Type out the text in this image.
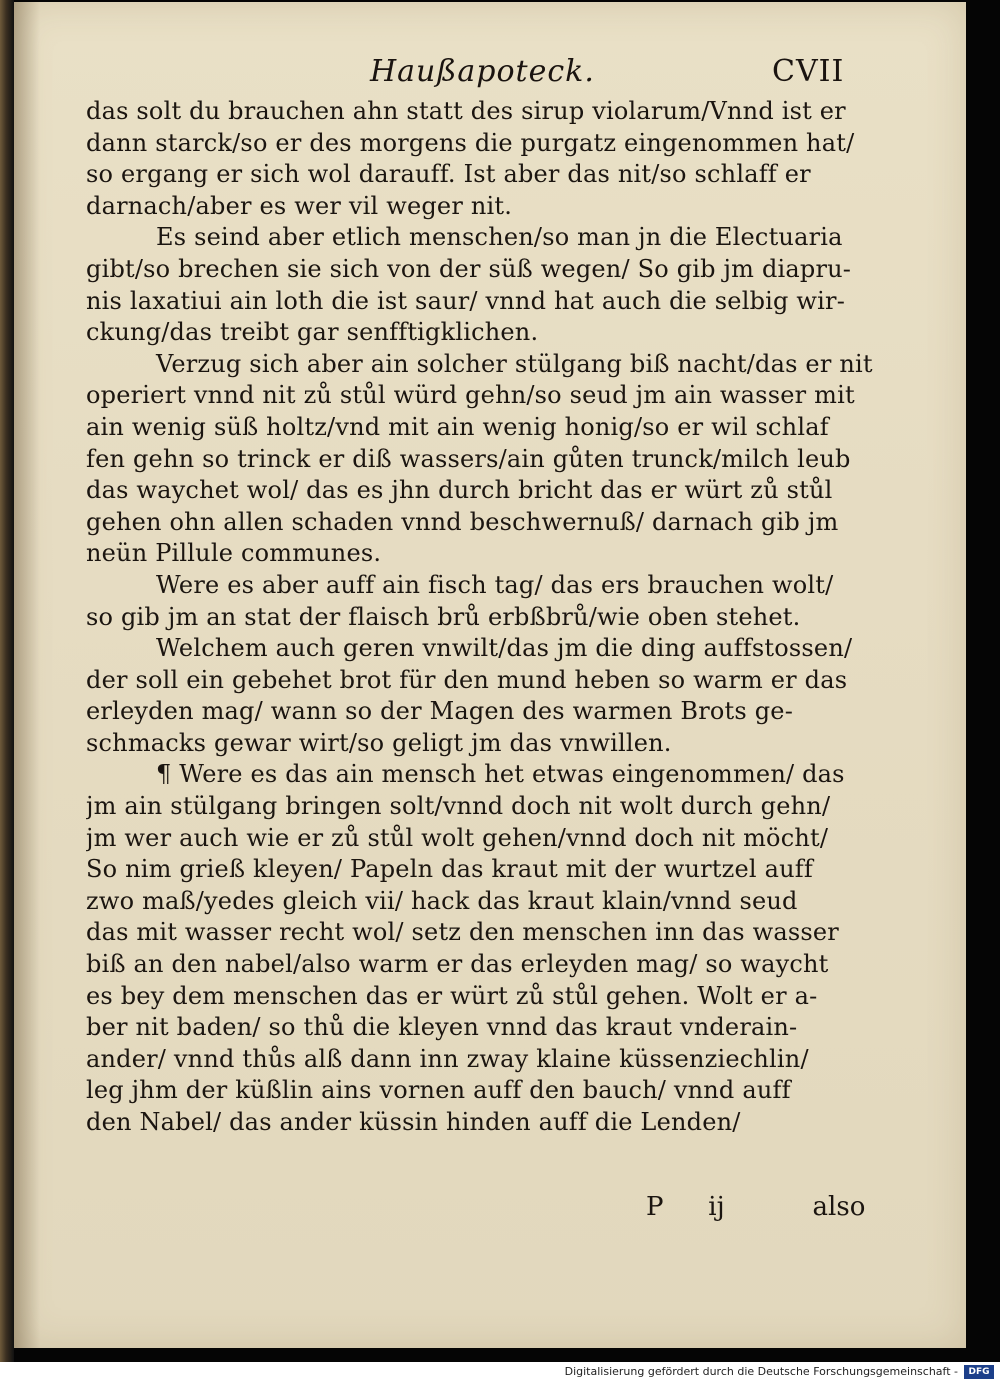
Haußapoteck.	CVII
das solt du brauchen ahn statt des sirup violarum/Vnnd ist er
dann starck/so er des morgens die purgatz eingenommen hat/
so ergang er sich wol darauff. Ist aber das nit/so schlaff er
darnach/aber es wer vil weger nit.
Es seind aber etlich menschen/so man jn die Electuaria
gibt/so brechen sie sich von der süß wegen/ So gib jm diapru-
nis laxatiui ain loth die ist saur/ vnnd hat auch die selbig wir-
ckung/das treibt gar senfftigklichen.
Verzug sich aber ain solcher stülgang biß nacht/das er nit
operiert vnnd nit zů stůl würd gehn/so seud jm ain wasser mit
ain wenig süß holtz/vnd mit ain wenig honig/so er wil schlaf
fen gehn so trinck er diß wassers/ain gůten trunck/milch leub
das waychet wol/ das es jhn durch bricht das er würt zů stůl
gehen ohn allen schaden vnnd beschwernuß/ darnach gib jm
neün Pillule communes.
Were es aber auff ain fisch tag/ das ers brauchen wolt/
so gib jm an stat der flaisch brů erbßbrů/wie oben stehet.
Welchem auch geren vnwilt/das jm die ding auffstossen/
der soll ein gebehet brot für den mund heben so warm er das
erleyden mag/ wann so der Magen des warmen Brots ge-
schmacks gewar wirt/so geligt jm das vnwillen.
¶ Were es das ain mensch het etwas eingenommen/ das
jm ain stülgang bringen solt/vnnd doch nit wolt durch gehn/
jm wer auch wie er zů stůl wolt gehen/vnnd doch nit möcht/
So nim grieß kleyen/ Papeln das kraut mit der wurtzel auff
zwo maß/yedes gleich vii/ hack das kraut klain/vnnd seud
das mit wasser recht wol/ setz den menschen inn das wasser
biß an den nabel/also warm er das erleyden mag/ so waycht
es bey dem menschen das er würt zů stůl gehen. Wolt er a-
ber nit baden/ so thů die kleyen vnnd das kraut vnderain-
ander/ vnnd thůs alß dann inn zway klaine küssenziechlin/
leg jhm der küßlin ains vornen auff den bauch/ vnnd auff
den Nabel/ das ander küssin hinden auff die Lenden/
P ij	also
Digitalisierung gefördert durch die Deutsche Forschungsgemeinschaft -	DFG
